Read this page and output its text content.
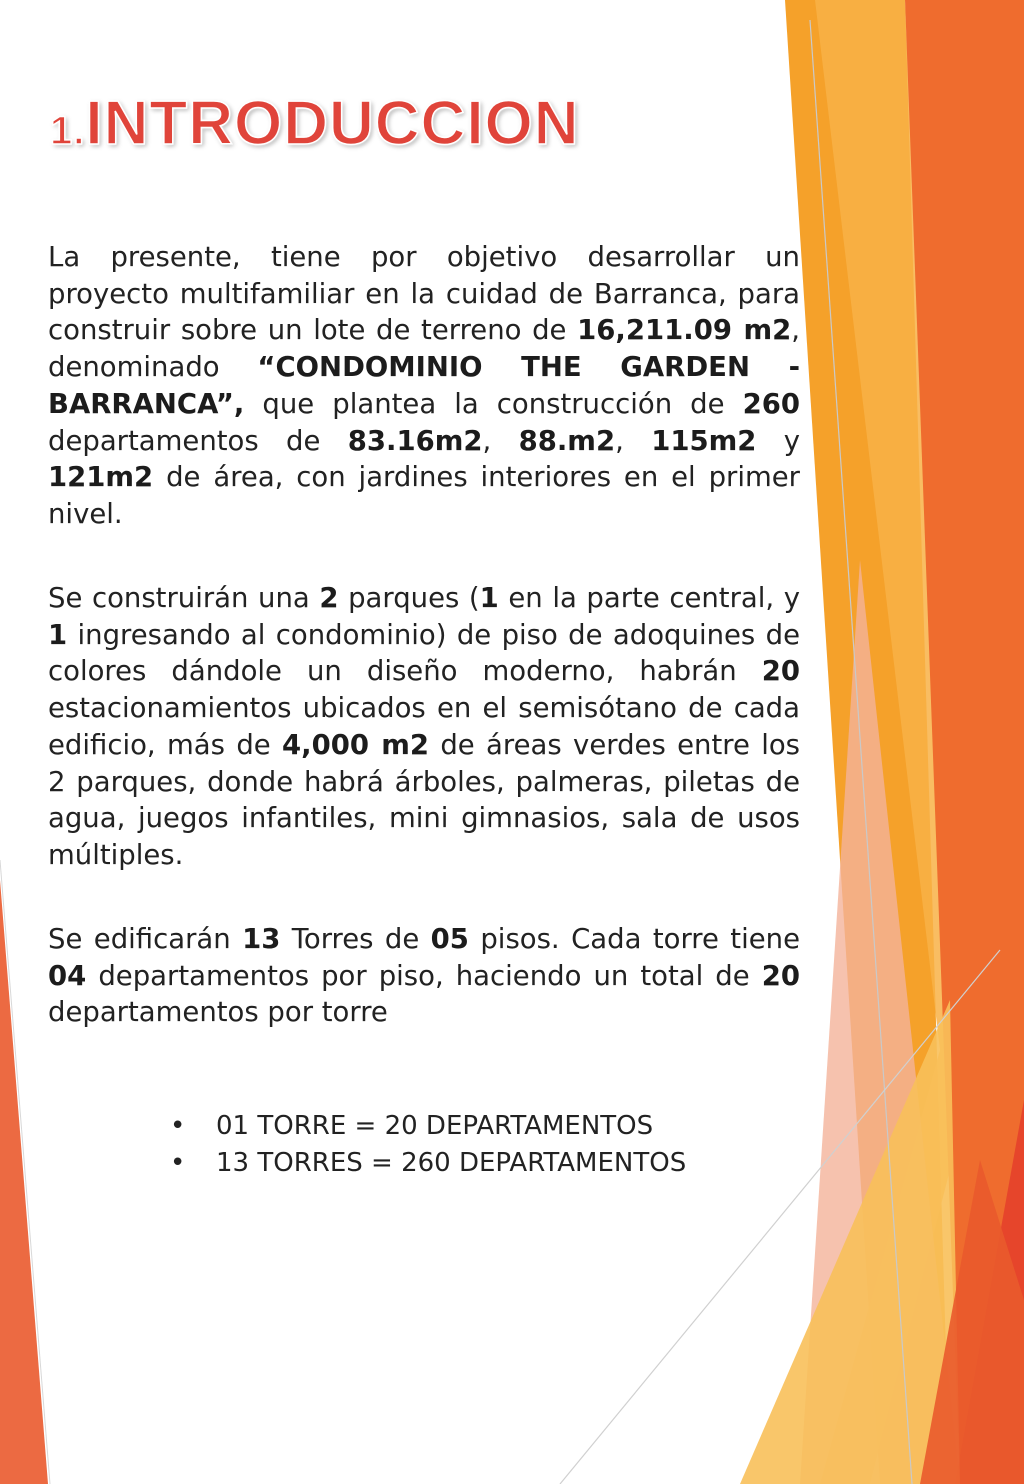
1.INTRODUCCION

La presente, tiene por objetivo desarrollar un proyecto multifamiliar en la cuidad de Barranca, para construir sobre un lote de terreno de 16,211.09 m2, denominado “CONDOMINIO THE GARDEN - BARRANCA”, que plantea la construcción de 260 departamentos de 83.16m2, 88.m2, 115m2 y 121m2 de área, con jardines interiores en el primer nivel.

Se construirán una 2 parques (1 en la parte central, y 1 ingresando al condominio) de piso de adoquines de colores dándole un diseño moderno, habrán 20 estacionamientos ubicados en el semisótano de cada edificio, más de 4,000 m2 de áreas verdes entre los 2 parques, donde habrá árboles, palmeras, piletas de agua, juegos infantiles, mini gimnasios, sala de usos múltiples.

Se edificarán 13 Torres de 05 pisos. Cada torre tiene 04 departamentos por piso, haciendo un total de 20 departamentos por torre

• 01 TORRE = 20 DEPARTAMENTOS
• 13 TORRES = 260 DEPARTAMENTOS
